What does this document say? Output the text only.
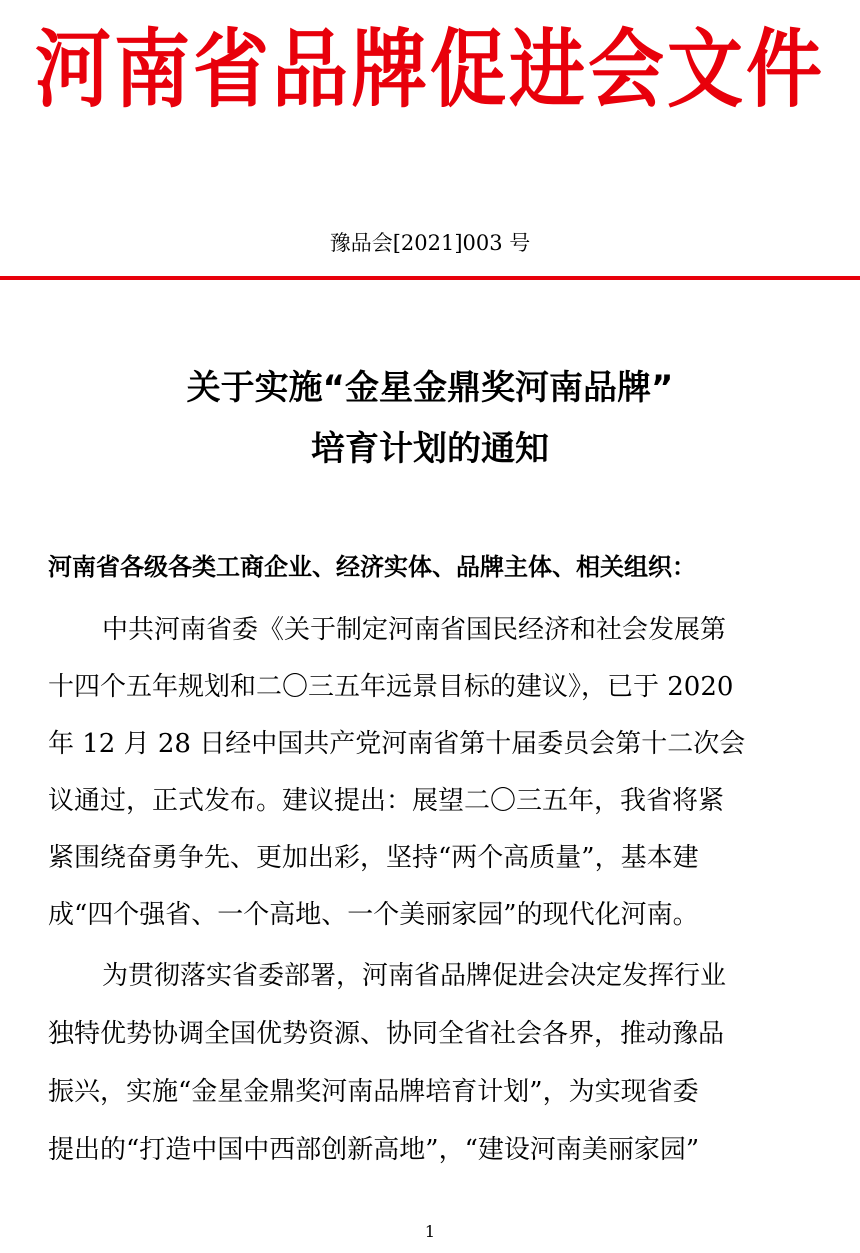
河南省品牌促进会文件
豫品会[2021]003 号
关于实施“金星金鼎奖河南品牌”
培育计划的通知
河南省各级各类工商企业、经济实体、品牌主体、相关组织：
中共河南省委《关于制定河南省国民经济和社会发展第
十四个五年规划和二〇三五年远景目标的建议》，已于 2020
年 12 月 28 日经中国共产党河南省第十届委员会第十二次会
议通过，正式发布。建议提出：展望二〇三五年，我省将紧
紧围绕奋勇争先、更加出彩，坚持“两个高质量”，基本建
成“四个强省、一个高地、一个美丽家园”的现代化河南。
为贯彻落实省委部署，河南省品牌促进会决定发挥行业
独特优势协调全国优势资源、协同全省社会各界，推动豫品
振兴，实施“金星金鼎奖河南品牌培育计划”，为实现省委
提出的“打造中国中西部创新高地”，“建设河南美丽家园”
1
